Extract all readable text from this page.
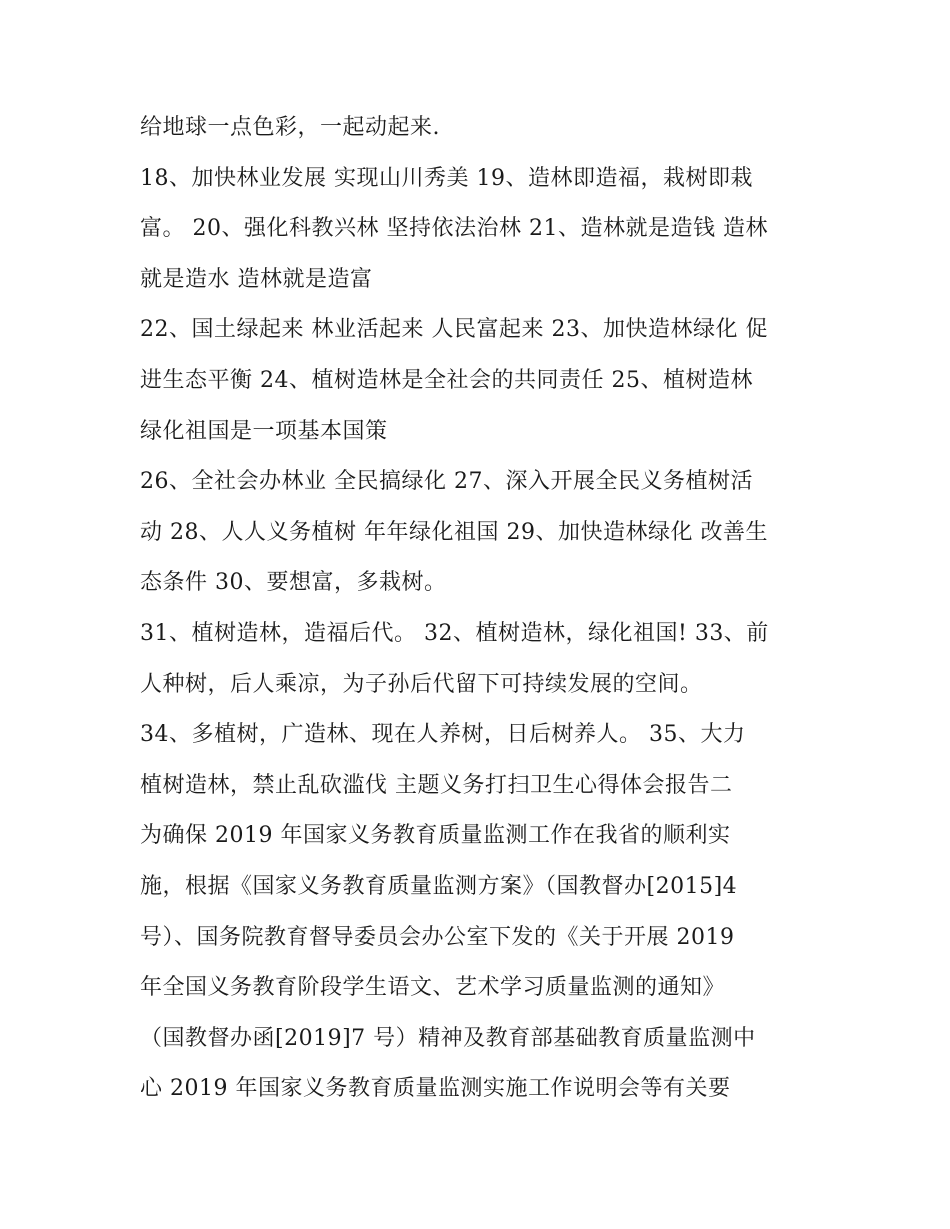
给地球一点色彩，一起动起来.
18、加快林业发展 实现山川秀美 19、造林即造福，栽树即栽
富。 20、强化科教兴林 坚持依法治林 21、造林就是造钱 造林
就是造水 造林就是造富
22、国土绿起来 林业活起来 人民富起来 23、加快造林绿化 促
进生态平衡 24、植树造林是全社会的共同责任 25、植树造林
绿化祖国是一项基本国策
26、全社会办林业 全民搞绿化 27、深入开展全民义务植树活
动 28、人人义务植树 年年绿化祖国 29、加快造林绿化 改善生
态条件 30、要想富，多栽树。
31、植树造林，造福后代。 32、植树造林，绿化祖国! 33、前
人种树，后人乘凉，为子孙后代留下可持续发展的空间。
34、多植树，广造林、现在人养树，日后树养人。 35、大力
植树造林，禁止乱砍滥伐 主题义务打扫卫生心得体会报告二
为确保 2019 年国家义务教育质量监测工作在我省的顺利实
施，根据《国家义务教育质量监测方案》（国教督办[2015]4
号）、国务院教育督导委员会办公室下发的《关于开展 2019
年全国义务教育阶段学生语文、艺术学习质量监测的通知》
（国教督办函[2019]7 号）精神及教育部基础教育质量监测中
心 2019 年国家义务教育质量监测实施工作说明会等有关要
